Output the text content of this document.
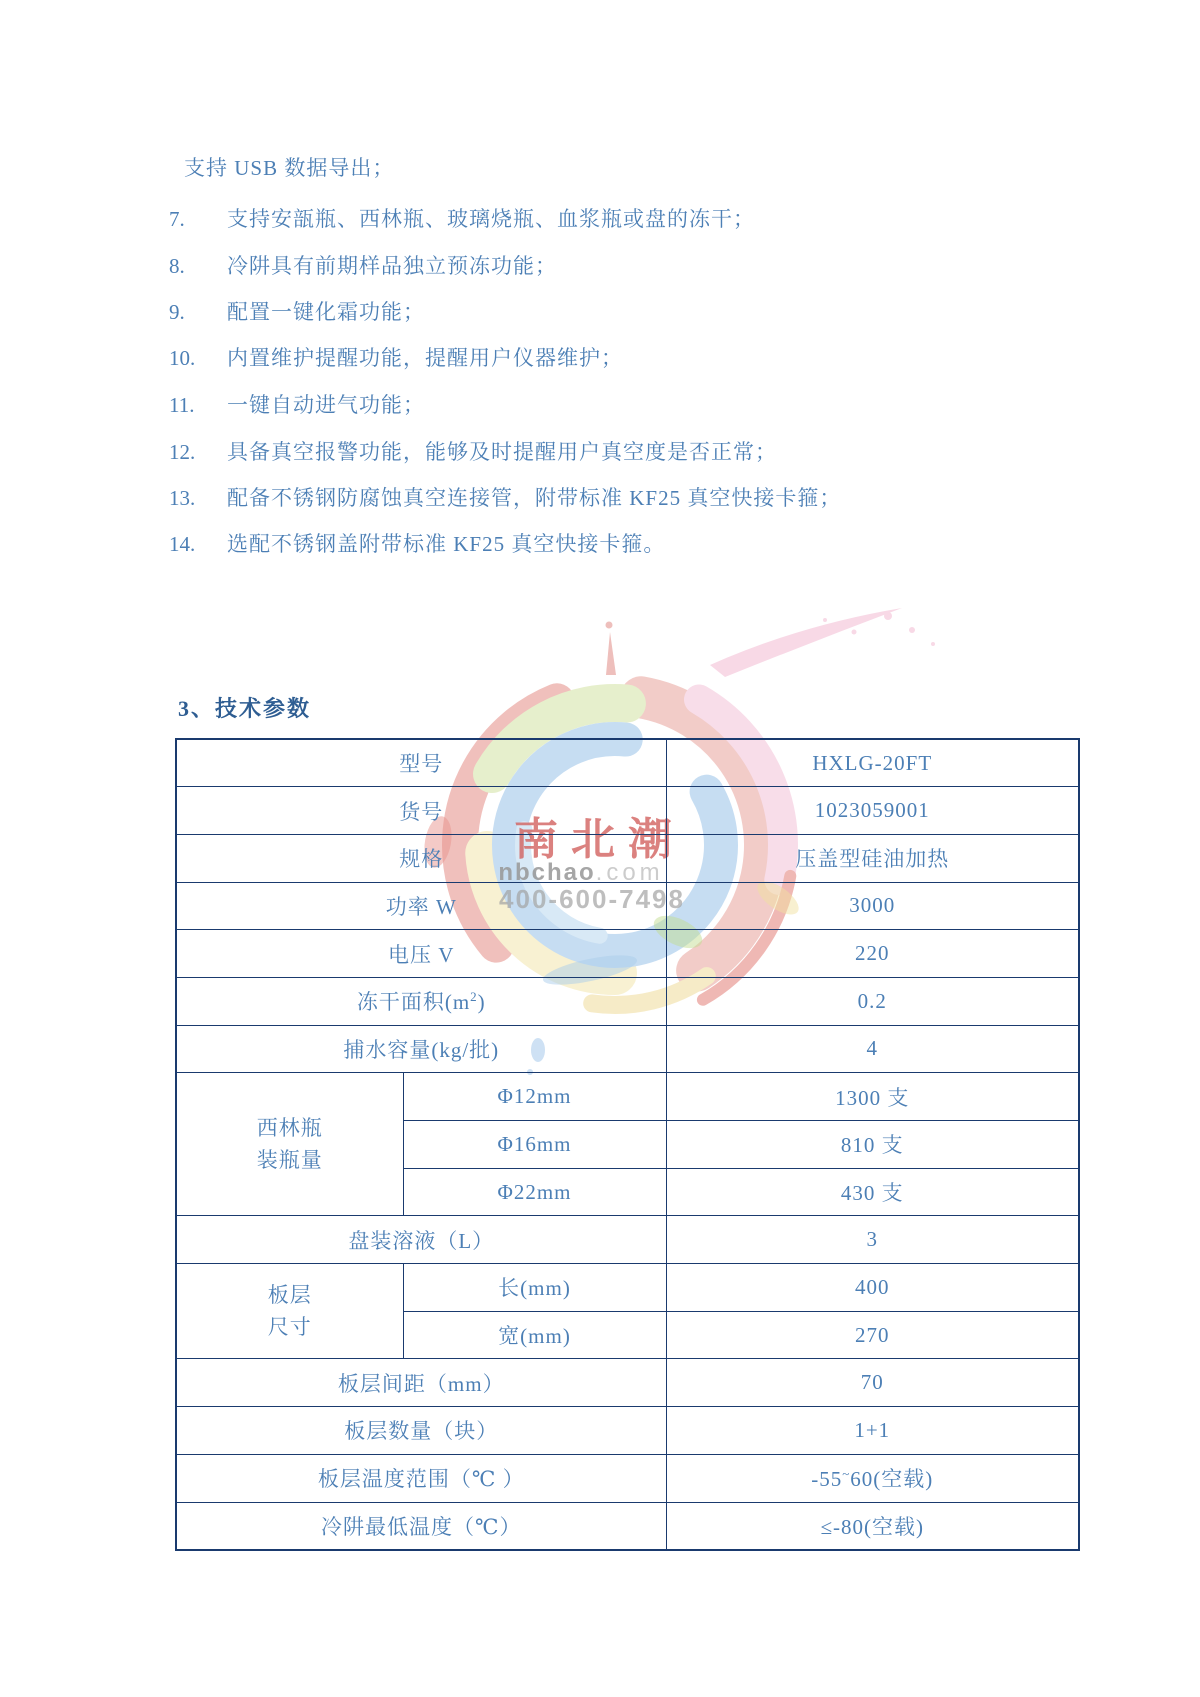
南北潮
nbchao.com
400-600-7498

支持 USB 数据导出；

7. 支持安瓿瓶、西林瓶、玻璃烧瓶、血浆瓶或盘的冻干；
8. 冷阱具有前期样品独立预冻功能；
9. 配置一键化霜功能；
10. 内置维护提醒功能，提醒用户仪器维护；
11. 一键自动进气功能；
12. 具备真空报警功能，能够及时提醒用户真空度是否正常；
13. 配备不锈钢防腐蚀真空连接管，附带标准 KF25 真空快接卡箍；
14. 选配不锈钢盖附带标准 KF25 真空快接卡箍。
3、技术参数
型号		HXLG-20FT
货号		1023059001
规格		压盖型硅油加热
功率 W		3000
电压 V		220
冻干面积$(m^2)$		0.2
捕水容量(kg/批)		4

西林瓶
装瓶量	Φ12mm	1300 支
	Φ16mm	810 支
	Φ22mm	430 支
盘装溶液（L）		3

板层
尺寸	长(mm)	400
	宽(mm)	270
板层间距（mm）		70
板层数量（块）		1+1
板层温度范围（℃ ）		-55~60(空载)
冷阱最低温度（℃）		≤-80(空载)
